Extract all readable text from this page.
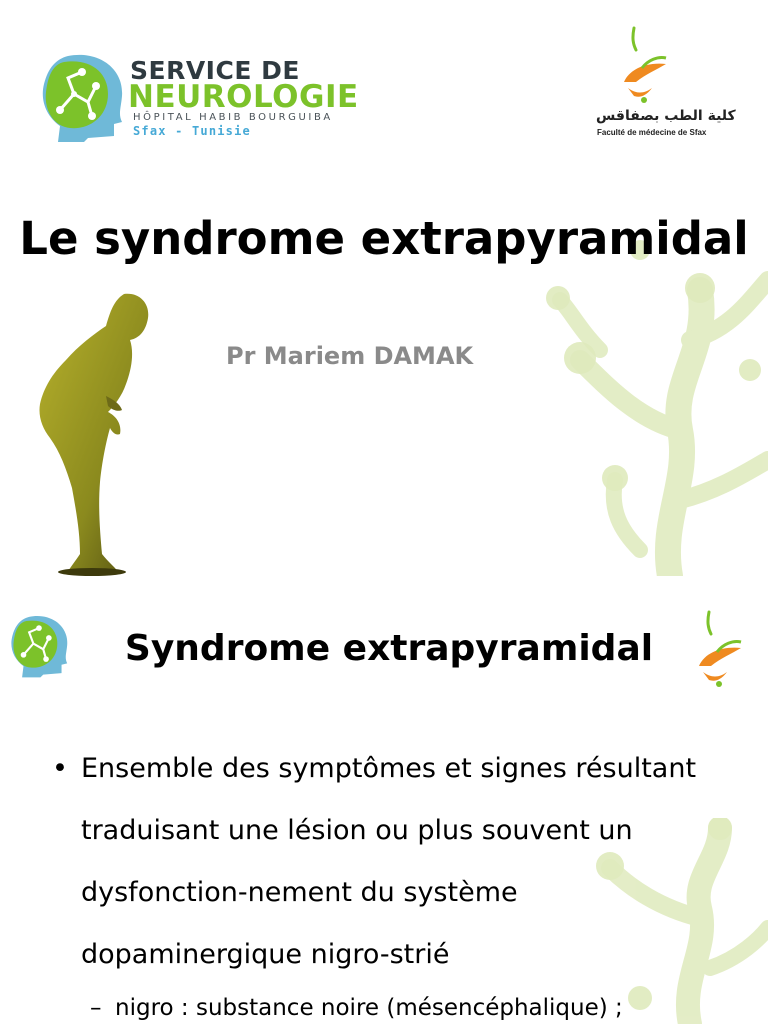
SERVICE DE
NEUROLOGIE
HÔPITAL HABIB BOURGUIBA
Sfax - Tunisie
كلية الطب بصفاقس
Faculté de médecine de Sfax
Le syndrome extrapyramidal
Pr Mariem DAMAK
Syndrome extrapyramidal
• Ensemble des symptômes et signes résultant
traduisant une lésion ou plus souvent un
dysfonction-nement du système
dopaminergique nigro-strié
– nigro : substance noire (mésencéphalique) ;
